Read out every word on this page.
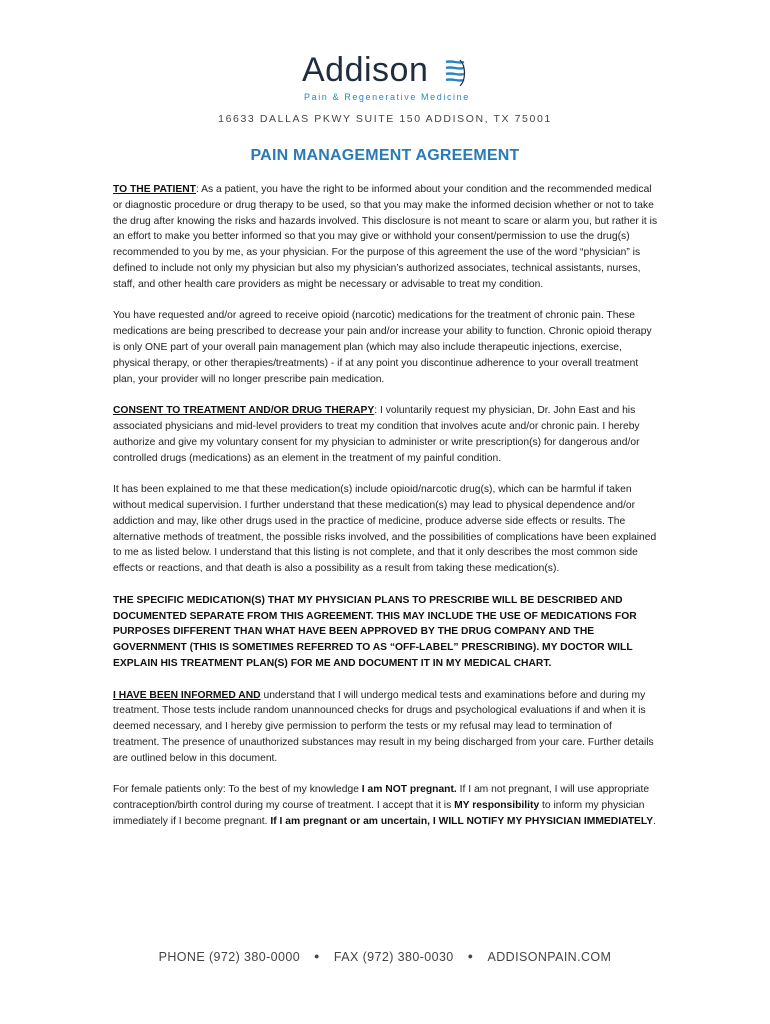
Addison
Pain & Regenerative Medicine
16633 DALLAS PKWY SUITE 150 ADDISON, TX 75001
PAIN MANAGEMENT AGREEMENT

TO THE PATIENT: As a patient, you have the right to be informed about your condition and the recommended medical or diagnostic procedure or drug therapy to be used, so that you may make the informed decision whether or not to take the drug after knowing the risks and hazards involved. This disclosure is not meant to scare or alarm you, but rather it is an effort to make you better informed so that you may give or withhold your consent/permission to use the drug(s) recommended to you by me, as your physician. For the purpose of this agreement the use of the word “physician” is defined to include not only my physician but also my physician’s authorized associates, technical assistants, nurses, staff, and other health care providers as might be necessary or advisable to treat my condition.

You have requested and/or agreed to receive opioid (narcotic) medications for the treatment of chronic pain. These medications are being prescribed to decrease your pain and/or increase your ability to function. Chronic opioid therapy is only ONE part of your overall pain management plan (which may also include therapeutic injections, exercise, physical therapy, or other therapies/treatments) - if at any point you discontinue adherence to your overall treatment plan, your provider will no longer prescribe pain medication.

CONSENT TO TREATMENT AND/OR DRUG THERAPY: I voluntarily request my physician, Dr. John East and his associated physicians and mid-level providers to treat my condition that involves acute and/or chronic pain. I hereby authorize and give my voluntary consent for my physician to administer or write prescription(s) for dangerous and/or controlled drugs (medications) as an element in the treatment of my painful condition.

It has been explained to me that these medication(s) include opioid/narcotic drug(s), which can be harmful if taken without medical supervision. I further understand that these medication(s) may lead to physical dependence and/or addiction and may, like other drugs used in the practice of medicine, produce adverse side effects or results. The alternative methods of treatment, the possible risks involved, and the possibilities of complications have been explained to me as listed below. I understand that this listing is not complete, and that it only describes the most common side effects or reactions, and that death is also a possibility as a result from taking these medication(s).

THE SPECIFIC MEDICATION(S) THAT MY PHYSICIAN PLANS TO PRESCRIBE WILL BE DESCRIBED AND DOCUMENTED SEPARATE FROM THIS AGREEMENT. THIS MAY INCLUDE THE USE OF MEDICATIONS FOR PURPOSES DIFFERENT THAN WHAT HAVE BEEN APPROVED BY THE DRUG COMPANY AND THE GOVERNMENT (THIS IS SOMETIMES REFERRED TO AS “OFF-LABEL” PRESCRIBING). MY DOCTOR WILL EXPLAIN HIS TREATMENT PLAN(S) FOR ME AND DOCUMENT IT IN MY MEDICAL CHART.

I HAVE BEEN INFORMED AND understand that I will undergo medical tests and examinations before and during my treatment. Those tests include random unannounced checks for drugs and psychological evaluations if and when it is deemed necessary, and I hereby give permission to perform the tests or my refusal may lead to termination of treatment. The presence of unauthorized substances may result in my being discharged from your care. Further details are outlined below in this document.

For female patients only: To the best of my knowledge I am NOT pregnant. If I am not pregnant, I will use appropriate contraception/birth control during my course of treatment. I accept that it is MY responsibility to inform my physician immediately if I become pregnant. If I am pregnant or am uncertain, I WILL NOTIFY MY PHYSICIAN IMMEDIATELY.

PHONE (972) 380-0000 ● FAX (972) 380-0030 ● ADDISONPAIN.COM
